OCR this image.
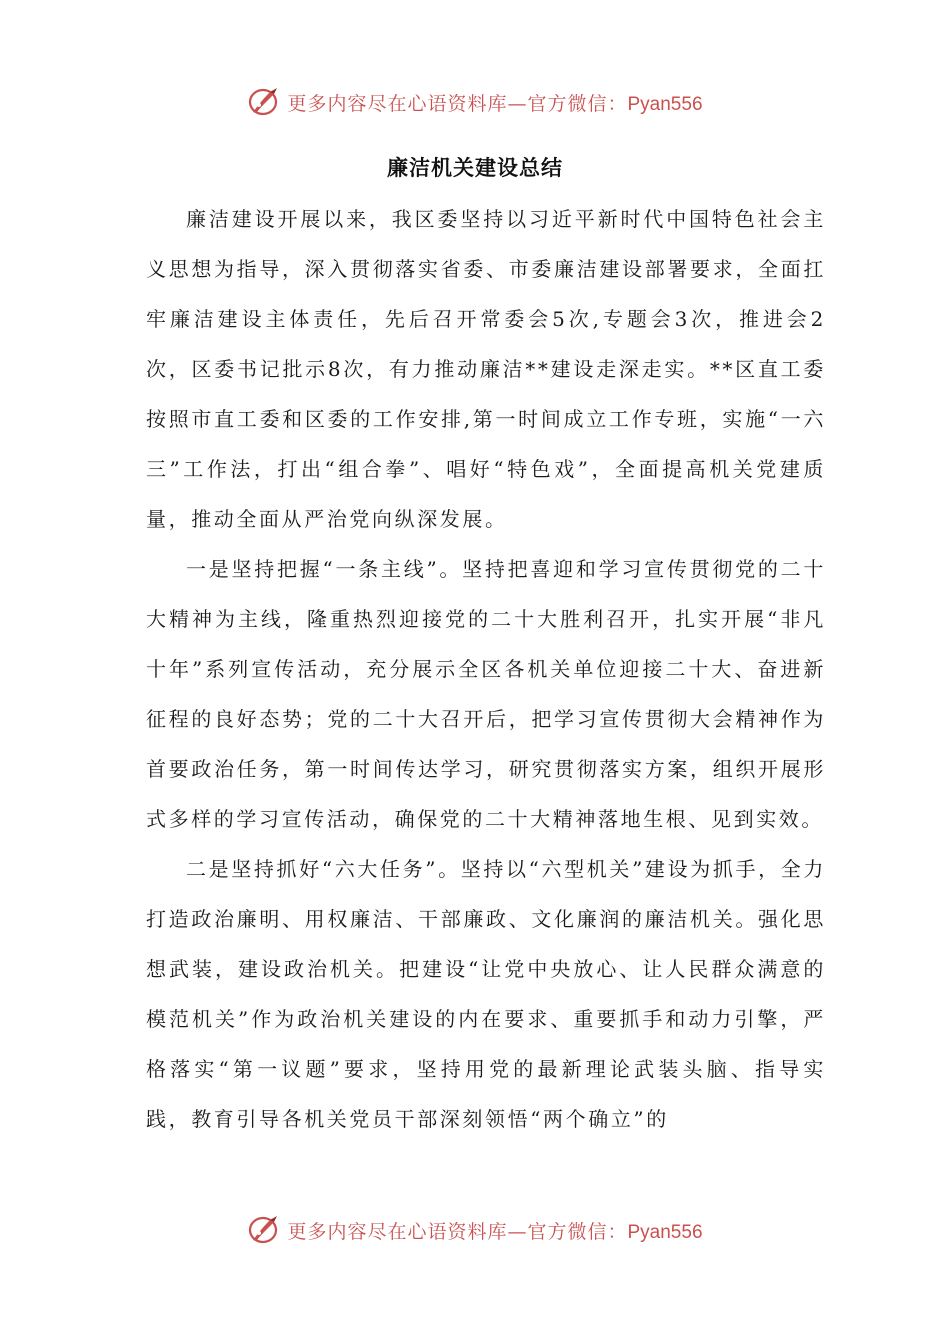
更多内容尽在心语资料库—官方微信：Pyan556
廉洁机关建设总结

廉洁建设开展以来，我区委坚持以习近平新时代中国特色社会主义思想为指导，深入贯彻落实省委、市委廉洁建设部署要求，全面扛牢廉洁建设主体责任，先后召开常委会5次,专题会3次，推进会2次，区委书记批示8次，有力推动廉洁**建设走深走实。**区直工委按照市直工委和区委的工作安排,第一时间成立工作专班，实施“一六三”工作法，打出“组合拳”、唱好“特色戏”，全面提高机关党建质量，推动全面从严治党向纵深发展。

一是坚持把握“一条主线”。坚持把喜迎和学习宣传贯彻党的二十大精神为主线，隆重热烈迎接党的二十大胜利召开，扎实开展“非凡十年”系列宣传活动，充分展示全区各机关单位迎接二十大、奋进新征程的良好态势；党的二十大召开后，把学习宣传贯彻大会精神作为首要政治任务，第一时间传达学习，研究贯彻落实方案，组织开展形式多样的学习宣传活动，确保党的二十大精神落地生根、见到实效。

二是坚持抓好“六大任务”。坚持以“六型机关”建设为抓手，全力打造政治廉明、用权廉洁、干部廉政、文化廉润的廉洁机关。强化思想武装，建设政治机关。把建设“让党中央放心、让人民群众满意的模范机关”作为政治机关建设的内在要求、重要抓手和动力引擎，严格落实“第一议题”要求，坚持用党的最新理论武装头脑、指导实践，教育引导各机关党员干部深刻领悟“两个确立”的

更多内容尽在心语资料库—官方微信：Pyan556
